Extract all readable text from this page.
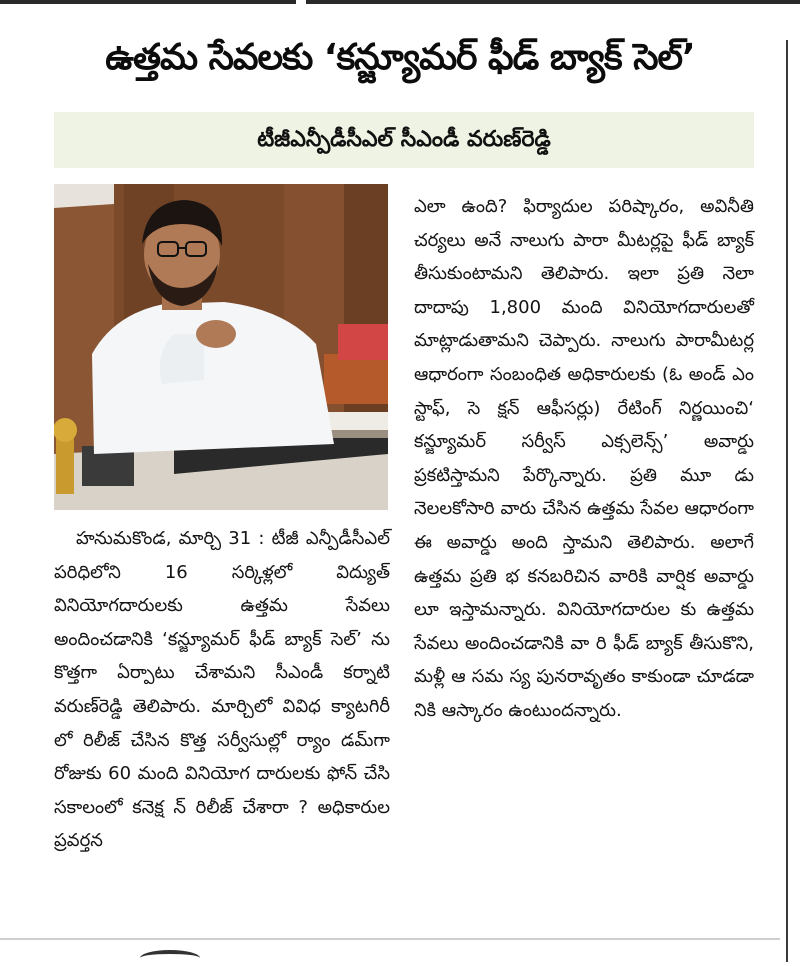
ఉత్తమ సేవలకు ‘కన్జ్యూమర్ ఫీడ్ బ్యాక్ సెల్’
టీజీఎన్పీడీసీఎల్ సీఎండీ వరుణ్‌రెడ్డి

హనుమకొండ, మార్చి 31 : టీజీ ఎన్పీడీసీఎల్ పరిధిలోని 16 సర్కిళ్లలో విద్యుత్ వినియోగదారులకు ఉత్తమ సేవలు అందించడానికి ‘కన్జ్యూమర్ ఫీడ్ బ్యాక్ సెల్’ ను కొత్తగా ఏర్పాటు చేశామని సీఎండీ కర్నాటి వరుణ్‌రెడ్డి తెలిపారు. మార్చిలో వివిధ క్యాటగిరీ లో రిలీజ్ చేసిన కొత్త సర్వీసుల్లో ర్యాం డమ్‌గా రోజుకు 60 మంది వినియోగ దారులకు ఫోన్ చేసి సకాలంలో కనెక్ష న్ రిలీజ్ చేశారా ? అధికారుల ప్రవర్తన

ఎలా ఉంది? ఫిర్యాదుల పరిష్కారం, అవినీతి చర్యలు అనే నాలుగు పారా మీటర్లపై ఫీడ్ బ్యాక్ తీసుకుంటామని తెలిపారు. ఇలా ప్రతి నెలా దాదాపు 1,800 మంది వినియోగదారులతో మాట్లాడుతామని చెప్పారు. నాలుగు పారామీటర్ల ఆధారంగా సంబంధిత అధికారులకు (ఓ అండ్ ఎం స్టాఫ్, సె క్షన్ ఆఫీసర్లు) రేటింగ్ నిర్ణయించి‘ కన్జ్యూమర్ సర్వీస్ ఎక్సలెన్స్’ అవార్డు ప్రకటిస్తామని పేర్కొన్నారు. ప్రతి మూ డు నెలలకోసారి వారు చేసిన ఉత్తమ సేవల ఆధారంగా ఈ అవార్డు అంది స్తామని తెలిపారు. అలాగే ఉత్తమ ప్రతి భ కనబరిచిన వారికి వార్షిక అవార్డు లూ ఇస్తామన్నారు. వినియోగదారుల కు ఉత్తమ సేవలు అందించడానికి వా రి ఫీడ్ బ్యాక్ తీసుకొని, మళ్లీ ఆ సమ స్య పునరావృతం కాకుండా చూడడా నికి ఆస్కారం ఉంటుందన్నారు.
